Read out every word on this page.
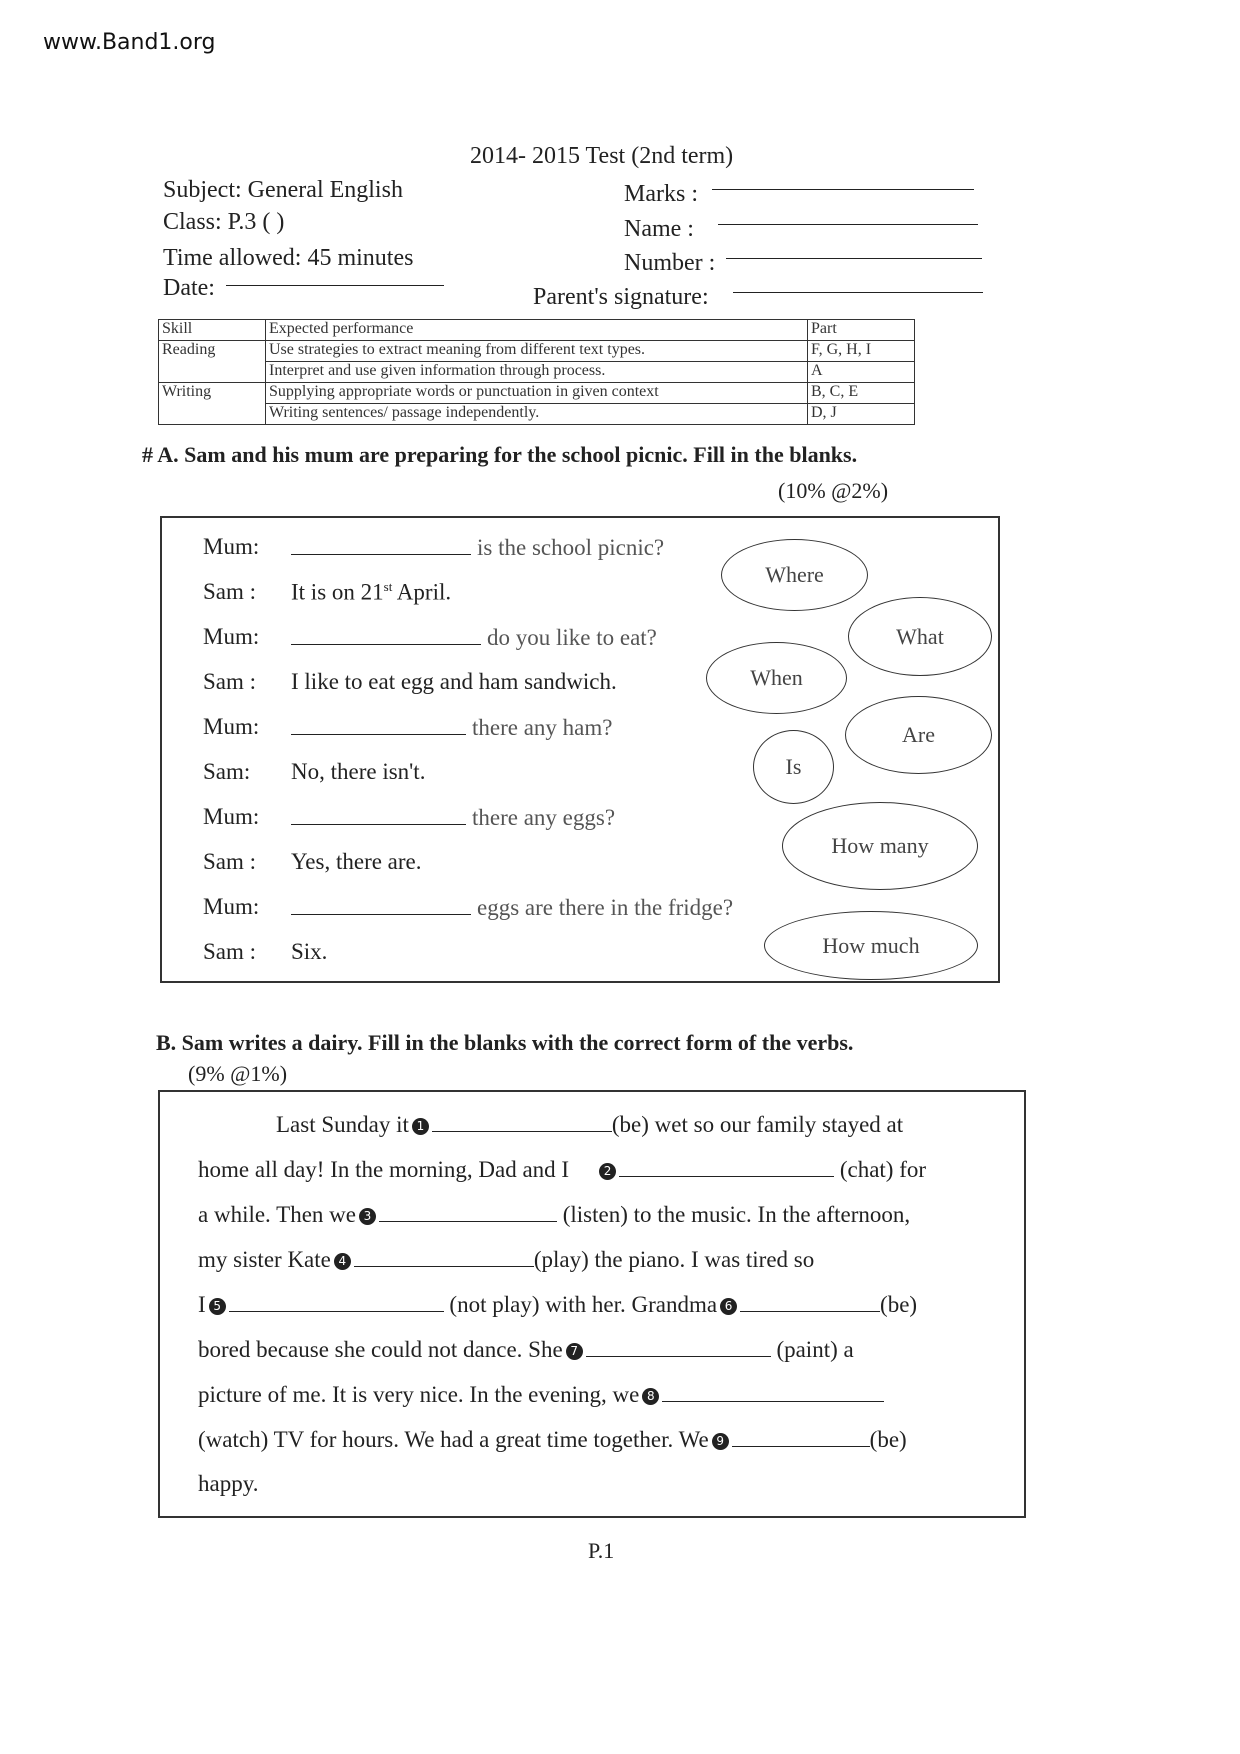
www.Band1.org
2014- 2015 Test (2nd term)
Subject: General English
Class: P.3 ( )
Time allowed: 45 minutes
Date:
Marks :
Name :
Number :
Parent's signature:
Skill	Expected performance	Part
Reading	Use strategies to extract meaning from different text types.	F, G, H, I
	Interpret and use given information through process.	A
Writing	Supplying appropriate words or punctuation in given context	B, C, E
	Writing sentences/ passage independently.	D, J
# A. Sam and his mum are preparing for the school picnic. Fill in the blanks.
(10% @2%)
Mum:	is the school picnic?
Sam : It is on 21st April.
Mum:	do you like to eat?
Sam : I like to eat egg and ham sandwich.
Mum:	there any ham?
Sam: No, there isn't.
Mum:	there any eggs?
Sam : Yes, there are.
Mum:	eggs are there in the fridge?
Sam : Six.
Where
What
When
Are
Is
How many
How much
B. Sam writes a dairy. Fill in the blanks with the correct form of the verbs.
(9% @1%)
Last Sunday it 1	(be) wet so our family stayed at
home all day! In the morning, Dad and I	2	(chat) for
a while. Then we 3	(listen) to the music. In the afternoon,
my sister Kate 4	(play) the piano. I was tired so
I 5	(not play) with her. Grandma 6	(be)
bored because she could not dance. She 7	(paint) a
picture of me. It is very nice. In the evening, we 8
(watch) TV for hours. We had a great time together. We 9	(be)
happy.
P.1
